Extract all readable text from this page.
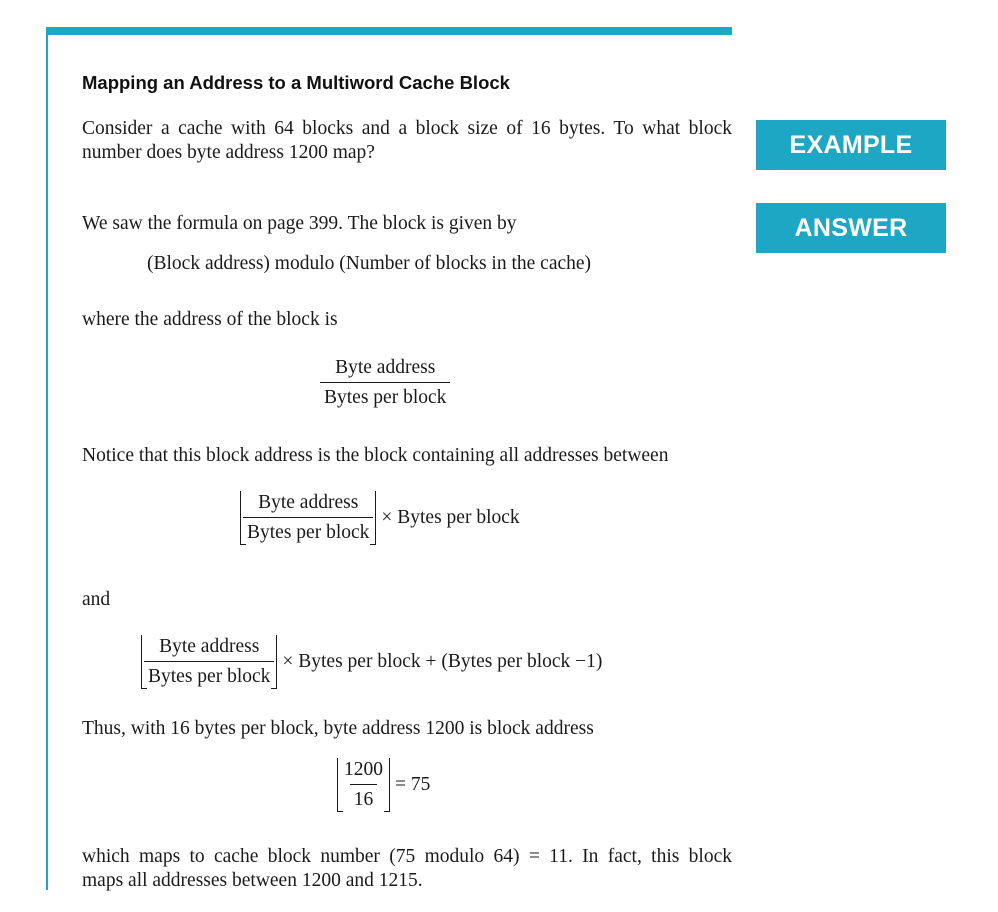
Mapping an Address to a Multiword Cache Block
EXAMPLE
ANSWER
Consider a cache with 64 blocks and a block size of 16 bytes. To what block
number does byte address 1200 map?
We saw the formula on page 399. The block is given by
(Block address) modulo (Number of blocks in the cache)
where the address of the block is
$\frac{\text{Byte address}}{\text{Bytes per block}}$
Notice that this block address is the block containing all addresses between
$\frac{\text{Byte address}}{\text{Bytes per block}}$ × Bytes per block
and
$\frac{\text{Byte address}}{\text{Bytes per block}}$ × Bytes per block + (Bytes per block −1)
Thus, with 16 bytes per block, byte address 1200 is block address
$\frac{1200}{16} = 75$
which maps to cache block number (75 modulo 64) = 11. In fact, this block
maps all addresses between 1200 and 1215.
